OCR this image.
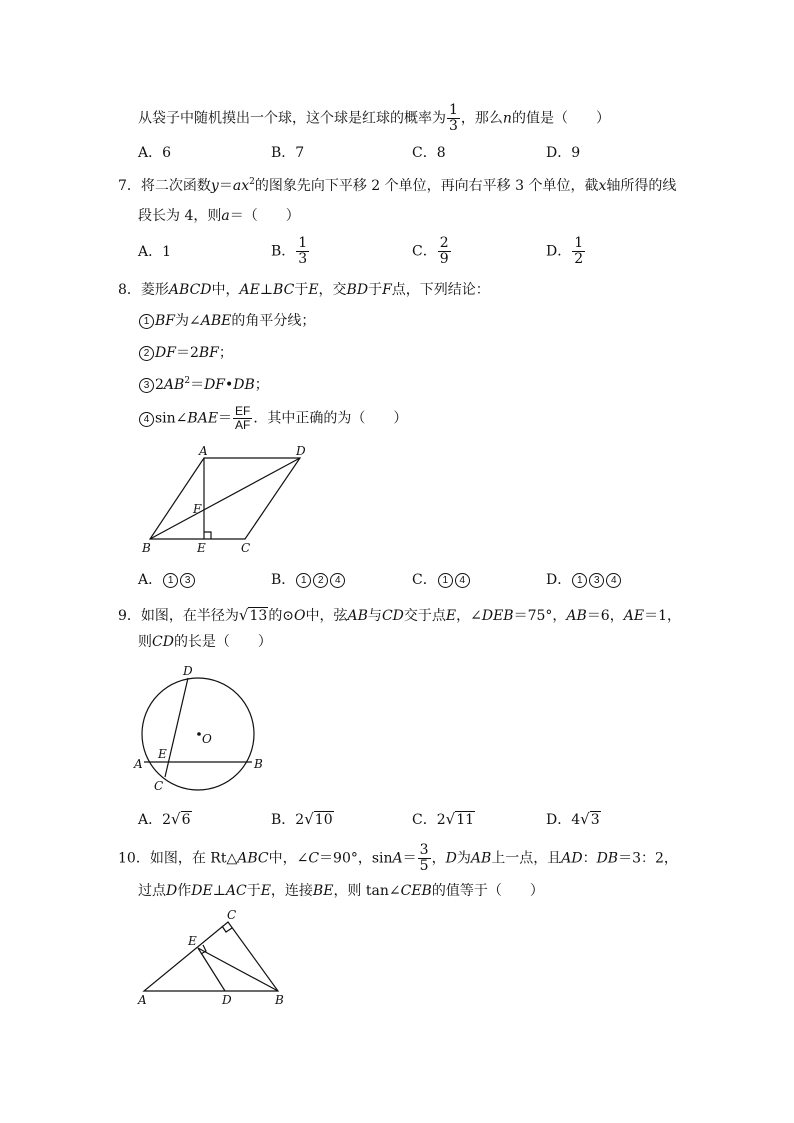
从袋子中随机摸出一个球，这个球是红球的概率为 $\frac{1}{3}$ ，那么n的值是（　　）
A．6	B．7	C．8	D．9
7．将二次函数$y=ax^2$的图象先向下平移 2 个单位，再向右平移 3 个单位，截x轴所得的线
段长为 4，则a＝（　　）
A．1	B． $\frac{1}{3}$	C． $\frac{2}{9}$	D． $\frac{1}{2}$
8．菱形ABCD中，AE⊥BC于E，交BD于F点，下列结论：
1 BF为∠ABE的角平分线；
2 DF＝2BF；
3 $2AB^2=DF•DB$；
4 sin∠BAE＝ $\frac{EF}{AF}$ ．其中正确的为（　　）
A	D
F
B	E	C
A． 1 3	B． 1 2 4	C． 1 4	D． 1 3 4
9．如图，在半径为√13的⊙O中，弦AB与CD交于点E，∠DEB＝75°，AB＝6，AE＝1，
则CD的长是（　　）
D
O
E
A	B
C
A．2√6	B．2√10	C．2√11	D．4√3
10．如图，在 Rt△ABC中，∠C＝90°，$\sin A= \frac{3}{5}$ ，D为AB上一点，且AD：DB＝3：2，
过点D作DE⊥AC于E，连接BE，则 tan∠CEB的值等于（　　）
C
E
A	D	B
